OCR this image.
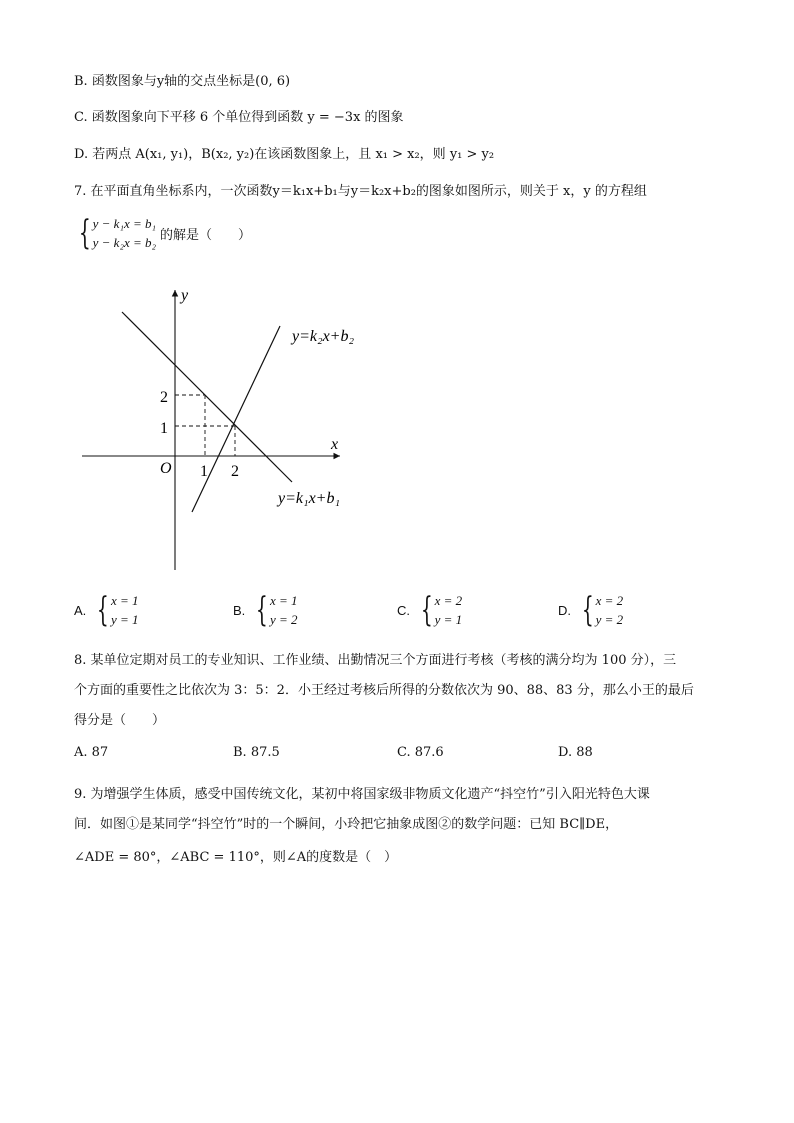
B. 函数图象与y轴的交点坐标是(0, 6)
C. 函数图象向下平移 6 个单位得到函数 y = −3x 的图象
D. 若两点 A(x₁, y₁)，B(x₂, y₂)在该函数图象上，且 x₁ > x₂，则 y₁ > y₂
7. 在平面直角坐标系内，一次函数y＝k₁x+b₁与y＝k₂x+b₂的图象如图所示，则关于 x，y 的方程组
{ y − k₁x = b₁
y − k₂x = b₂ 的解是（　　）
y
x
O
2
1
1 2
y=k₂x+b₂
y=k₁x+b₁
A. { x = 1
y = 1
B. { x = 1
y = 2
C. { x = 2
y = 1
D. { x = 2
y = 2
8. 某单位定期对员工的专业知识、工作业绩、出勤情况三个方面进行考核（考核的满分均为 100 分），三
个方面的重要性之比依次为 3：5：2．小王经过考核后所得的分数依次为 90、88、83 分，那么小王的最后
得分是（　　）
A. 87	B. 87.5	C. 87.6	D. 88
9. 为增强学生体质，感受中国传统文化，某初中将国家级非物质文化遗产“抖空竹”引入阳光特色大课
间．如图①是某同学“抖空竹”时的一个瞬间，小玲把它抽象成图②的数学问题：已知 BC∥DE，
∠ADE = 80°，∠ABC = 110°，则∠A的度数是（　）
